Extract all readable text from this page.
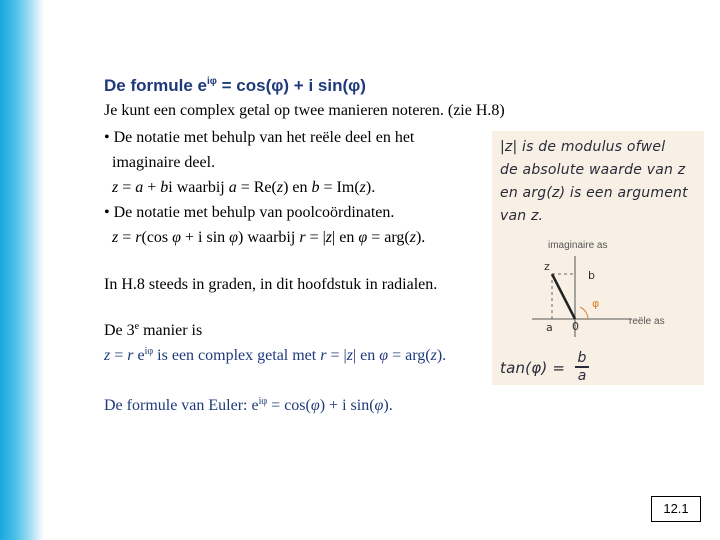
De formule $e^{i\varphi} = \cos(\varphi) + i$ sin(φ)
Je kunt een complex getal op twee manieren noteren. (zie H.8)
• De notatie met behulp van het reële deel en het
imaginaire deel.
z = a + bi waarbij a = Re(z) en b = Im(z).
• De notatie met behulp van poolcoördinaten.
z = r(cos φ + i sin φ) waarbij r = |z| en φ = arg(z).
In H.8 steeds in graden, in dit hoofdstuk in radialen.
De 3e manier is
z = r $e^{i\varphi}$ is een complex getal met r = |z| en φ = arg(z).
De formule van Euler: $e^{i\varphi} = \cos(\varphi) + i$ sin(φ).
|z| is de modulus ofwel
de absolute waarde van z
en arg(z) is een argument
van z.
imaginaire as
reële as
z
b
a 0
φ
tan(φ) =
b
a
12.1
